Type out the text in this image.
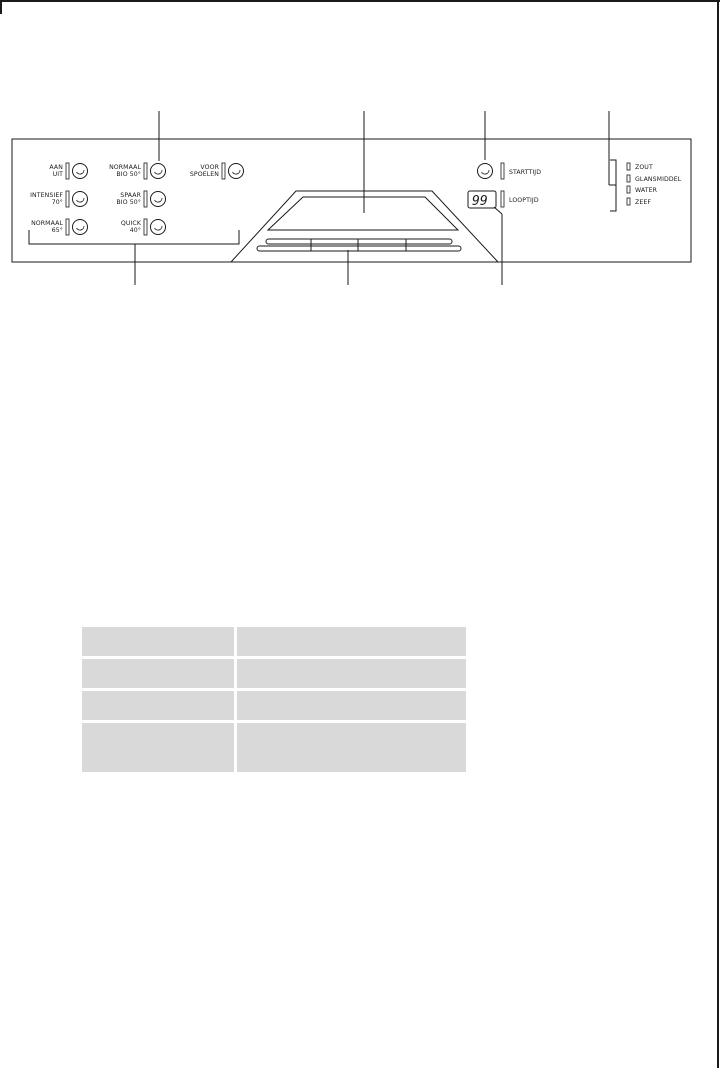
AAN
UIT
INTENSIEF
70°
NORMAAL
65°
NORMAAL
BIO 50°
SPAAR
BIO 50°
QUICK
40°
VOOR
SPOELEN	STARTTIJD
99	LOOPTIJD
ZOUT
GLANSMIDDEL
WATER
ZEEF
